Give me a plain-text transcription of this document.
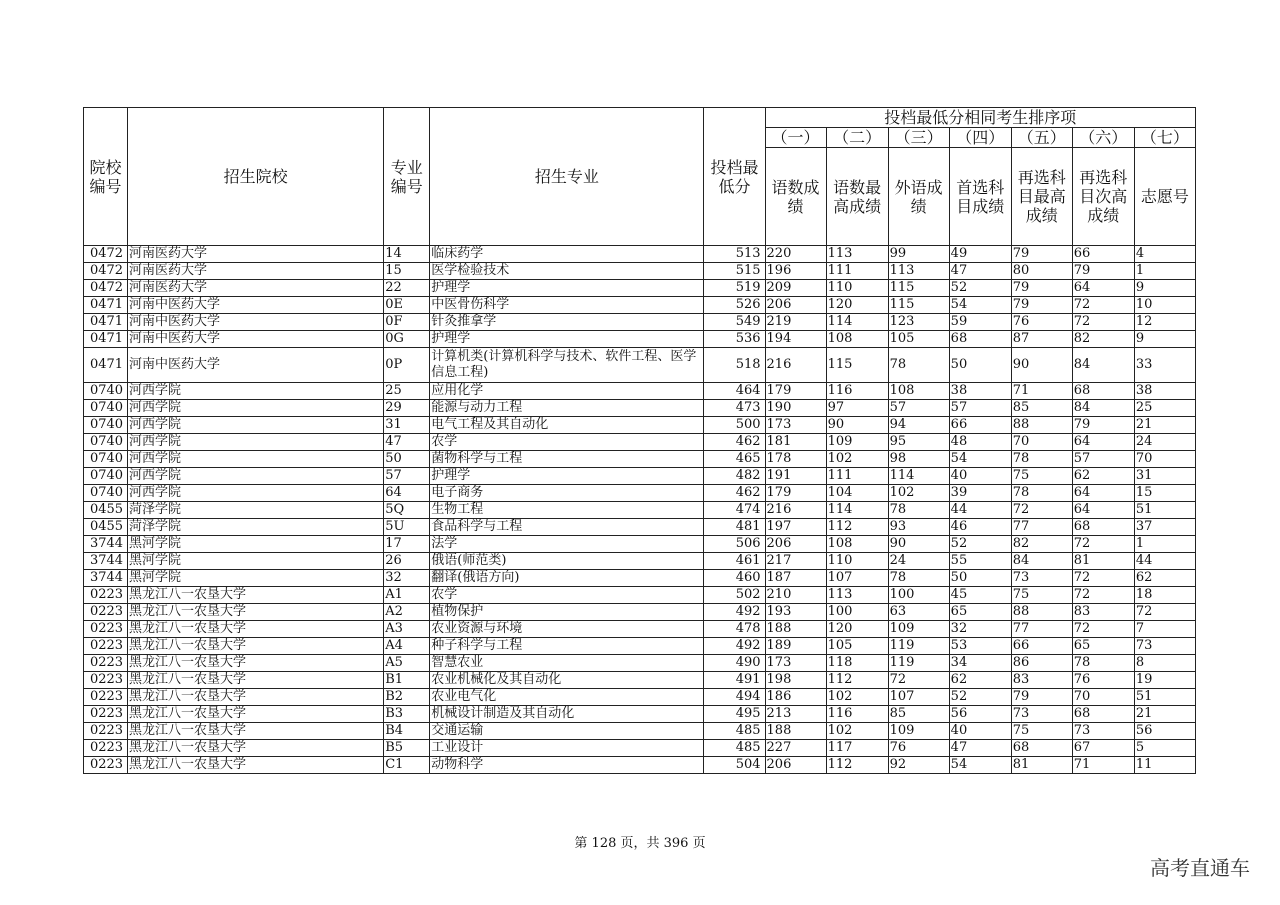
院校编号	招生院校	专业编号	招生专业	投档最低分	投档最低分相同考生排序项						
					（一）	（二）	（三）	（四）	（五）	（六）	（七）
					语数成绩	语数最高成绩	外语成绩	首选科目成绩	再选科目最高成绩	再选科目次高成绩	志愿号
0472	河南医药大学	14	临床药学	513	220	113	99	49	79	66	4
0472	河南医药大学	15	医学检验技术	515	196	111	113	47	80	79	1
0472	河南医药大学	22	护理学	519	209	110	115	52	79	64	9
0471	河南中医药大学	0E	中医骨伤科学	526	206	120	115	54	79	72	10
0471	河南中医药大学	0F	针灸推拿学	549	219	114	123	59	76	72	12
0471	河南中医药大学	0G	护理学	536	194	108	105	68	87	82	9
0471	河南中医药大学	0P	计算机类(计算机科学与技术、软件工程、医学信息工程)	518	216	115	78	50	90	84	33
0740	河西学院	25	应用化学	464	179	116	108	38	71	68	38
0740	河西学院	29	能源与动力工程	473	190	97	57	57	85	84	25
0740	河西学院	31	电气工程及其自动化	500	173	90	94	66	88	79	21
0740	河西学院	47	农学	462	181	109	95	48	70	64	24
0740	河西学院	50	菌物科学与工程	465	178	102	98	54	78	57	70
0740	河西学院	57	护理学	482	191	111	114	40	75	62	31
0740	河西学院	64	电子商务	462	179	104	102	39	78	64	15
0455	菏泽学院	5Q	生物工程	474	216	114	78	44	72	64	51
0455	菏泽学院	5U	食品科学与工程	481	197	112	93	46	77	68	37
3744	黑河学院	17	法学	506	206	108	90	52	82	72	1
3744	黑河学院	26	俄语(师范类)	461	217	110	24	55	84	81	44
3744	黑河学院	32	翻译(俄语方向)	460	187	107	78	50	73	72	62
0223	黑龙江八一农垦大学	A1	农学	502	210	113	100	45	75	72	18
0223	黑龙江八一农垦大学	A2	植物保护	492	193	100	63	65	88	83	72
0223	黑龙江八一农垦大学	A3	农业资源与环境	478	188	120	109	32	77	72	7
0223	黑龙江八一农垦大学	A4	种子科学与工程	492	189	105	119	53	66	65	73
0223	黑龙江八一农垦大学	A5	智慧农业	490	173	118	119	34	86	78	8
0223	黑龙江八一农垦大学	B1	农业机械化及其自动化	491	198	112	72	62	83	76	19
0223	黑龙江八一农垦大学	B2	农业电气化	494	186	102	107	52	79	70	51
0223	黑龙江八一农垦大学	B3	机械设计制造及其自动化	495	213	116	85	56	73	68	21
0223	黑龙江八一农垦大学	B4	交通运输	485	188	102	109	40	75	73	56
0223	黑龙江八一农垦大学	B5	工业设计	485	227	117	76	47	68	67	5
0223	黑龙江八一农垦大学	C1	动物科学	504	206	112	92	54	81	71	11
第 128 页，共 396 页
高考直通车
